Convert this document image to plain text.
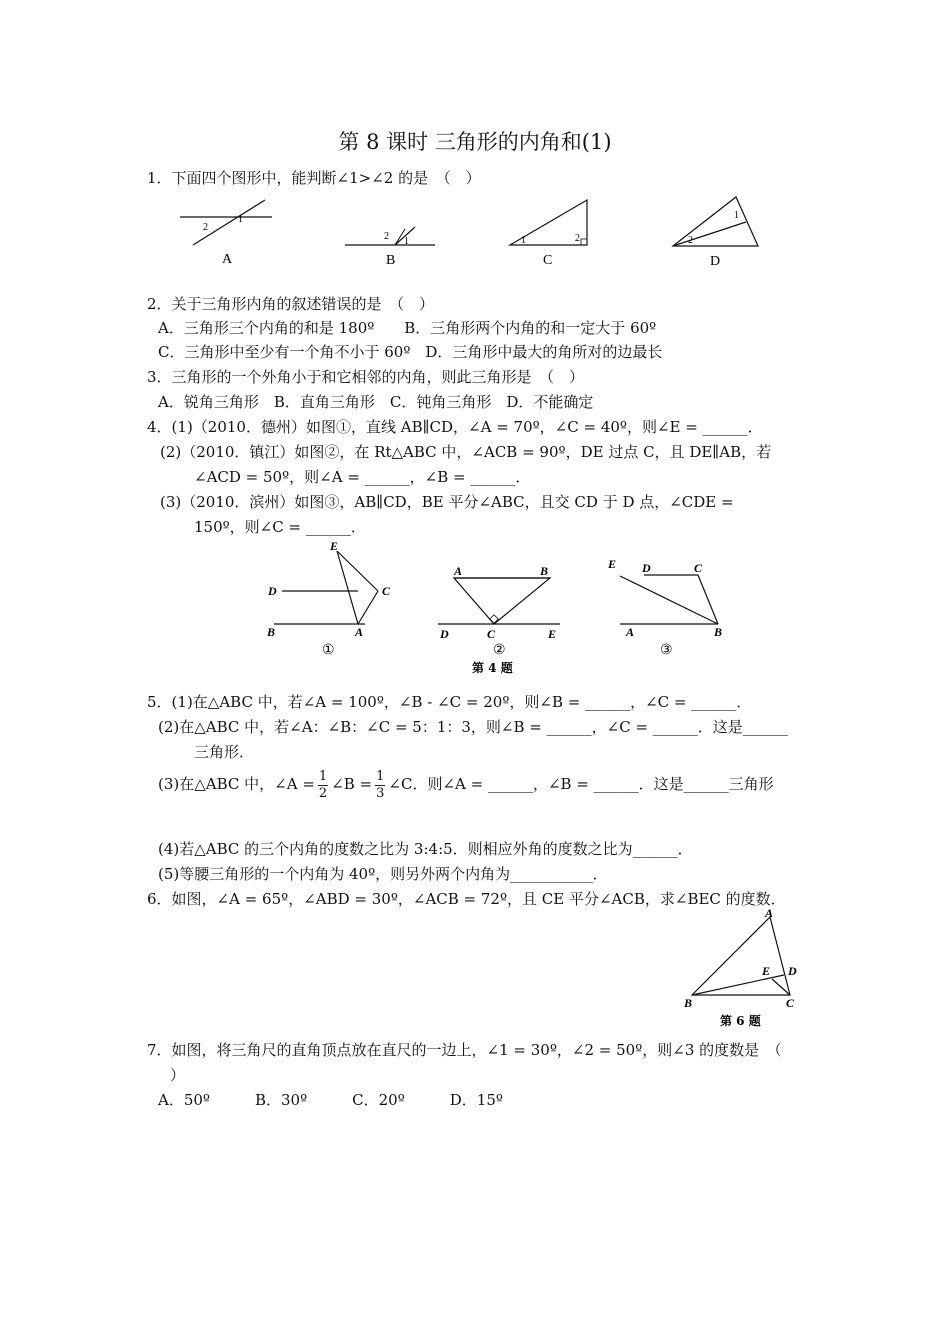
第 8 课时 三角形的内角和(1)
1．下面四个图形中，能判断∠1>∠2 的是　（　）
2
1
A
2 1
B
1	2
C
1
2
D
2．关于三角形内角的叙述错误的是　（　）
A．三角形三个内角的和是 180º　　B．三角形两个内角的和一定大于 60º
C．三角形中至少有一个角不小于 60º　D．三角形中最大的角所对的边最长
3．三角形的一个外角小于和它相邻的内角，则此三角形是　（　）
A．锐角三角形　B．直角三角形　C．钝角三角形　D．不能确定
4．(1)（2010．德州）如图①，直线 AB∥CD，∠A = 70º，∠C = 40º，则∠E = ______．
(2)（2010．镇江）如图②，在 Rt△ABC 中，∠ACB = 90º，DE 过点 C，且 DE∥AB，若
∠ACD = 50º，则∠A = ______，∠B = ______．
(3)（2010．滨州）如图③，AB∥CD，BE 平分∠ABC，且交 CD 于 D 点，∠CDE =
150º，则∠C = ______．
E
D	C
B	A
①
A	B
D	C	E
②
第 4 题
E D	C
A	B
③
5．(1)在△ABC 中，若∠A = 100º，∠B - ∠C = 20º，则∠B = ______，∠C = ______．
(2)在△ABC 中，若∠A：∠B：∠C = 5：1：3，则∠B = ______，∠C = ______．这是______
三角形．
(3)在△ABC 中，∠A = $\frac{1}{2}$ ∠B = $\frac{1}{3}$ ∠C．则∠A = ______，∠B = ______．这是______三角形
(4)若△ABC 的三个内角的度数之比为 3:4:5．则相应外角的度数之比为______．
(5)等腰三角形的一个内角为 40º，则另外两个内角为___________．
6．如图，∠A = 65º，∠ABD = 30º，∠ACB = 72º，且 CE 平分∠ACB，求∠BEC 的度数．
A
E D
B	C
第 6 题
7．如图，将三角尺的直角顶点放在直尺的一边上，∠1 = 30º，∠2 = 50º，则∠3 的度数是　（
）
A．50º　　　B．30º　　　C．20º　　　D．15º
